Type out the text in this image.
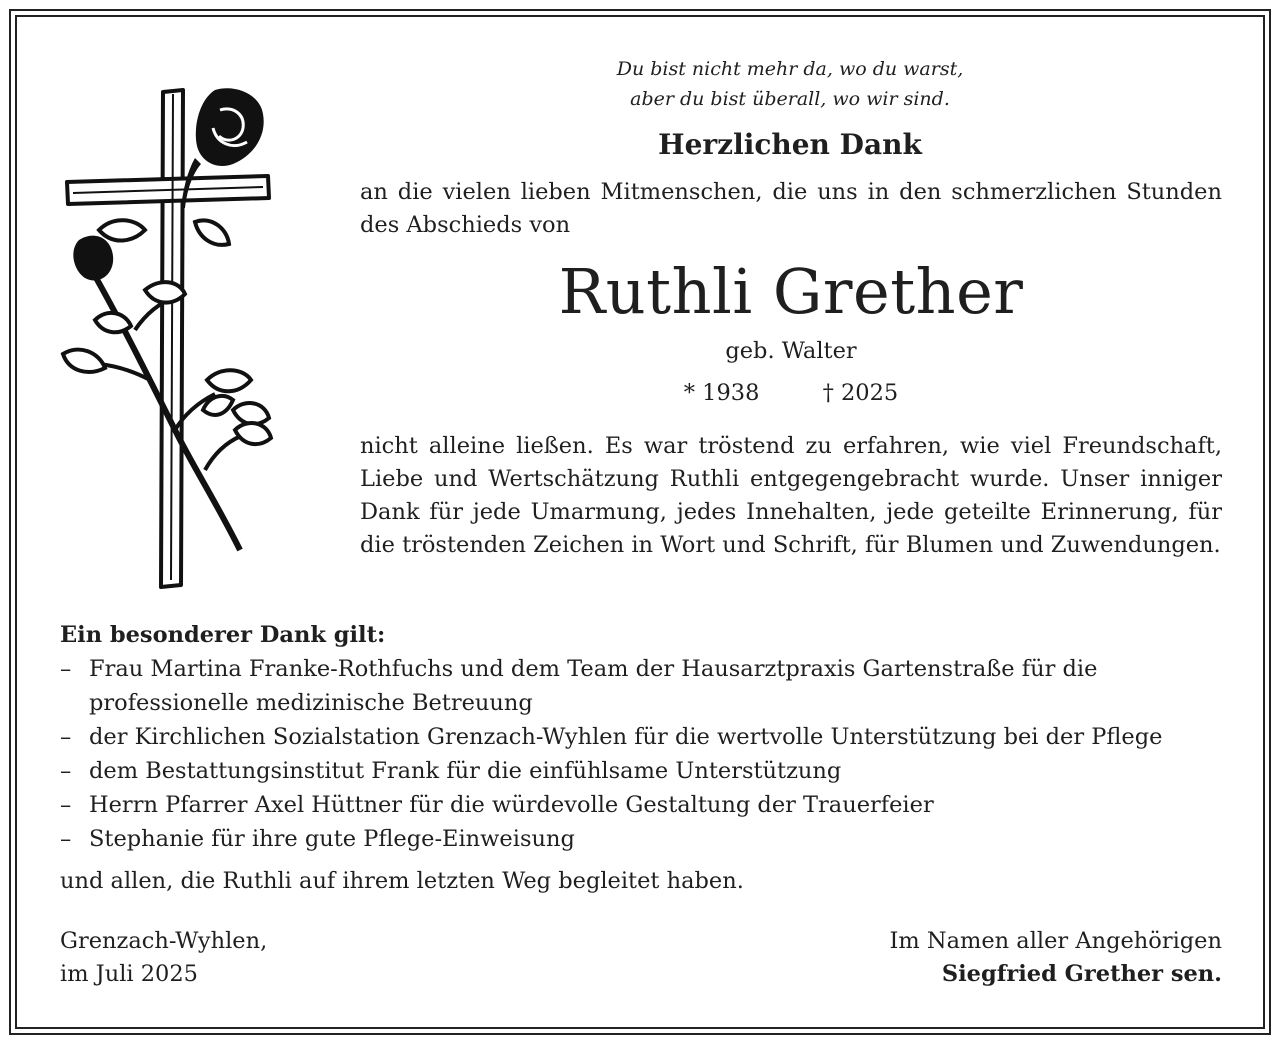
Du bist nicht mehr da, wo du warst,
aber du bist überall, wo wir sind.
Herzlichen Dank

an die vielen lieben Mitmenschen, die uns in den schmerzlichen Stunden des Abschieds von

Ruthli Grether
geb. Walter
* 1938	† 2025

nicht alleine ließen. Es war tröstend zu erfahren, wie viel Freundschaft, Liebe und Wertschätzung Ruthli entgegengebracht wurde. Unser inniger Dank für jede Umarmung, jedes Innehalten, jede geteilte Erinnerung, für die tröstenden Zeichen in Wort und Schrift, für Blumen und Zuwendungen.

Ein besonderer Dank gilt:
– Frau Martina Franke-Rothfuchs und dem Team der Hausarztpraxis Gartenstraße für die professionelle medizinische Betreuung
– der Kirchlichen Sozialstation Grenzach-Wyhlen für die wertvolle Unterstützung bei der Pflege
– dem Bestattungsinstitut Frank für die einfühlsame Unterstützung
– Herrn Pfarrer Axel Hüttner für die würdevolle Gestaltung der Trauerfeier
– Stephanie für ihre gute Pflege-Einweisung
und allen, die Ruthli auf ihrem letzten Weg begleitet haben.
Grenzach-Wyhlen,
im Juli 2025
Im Namen aller Angehörigen
Siegfried Grether sen.
